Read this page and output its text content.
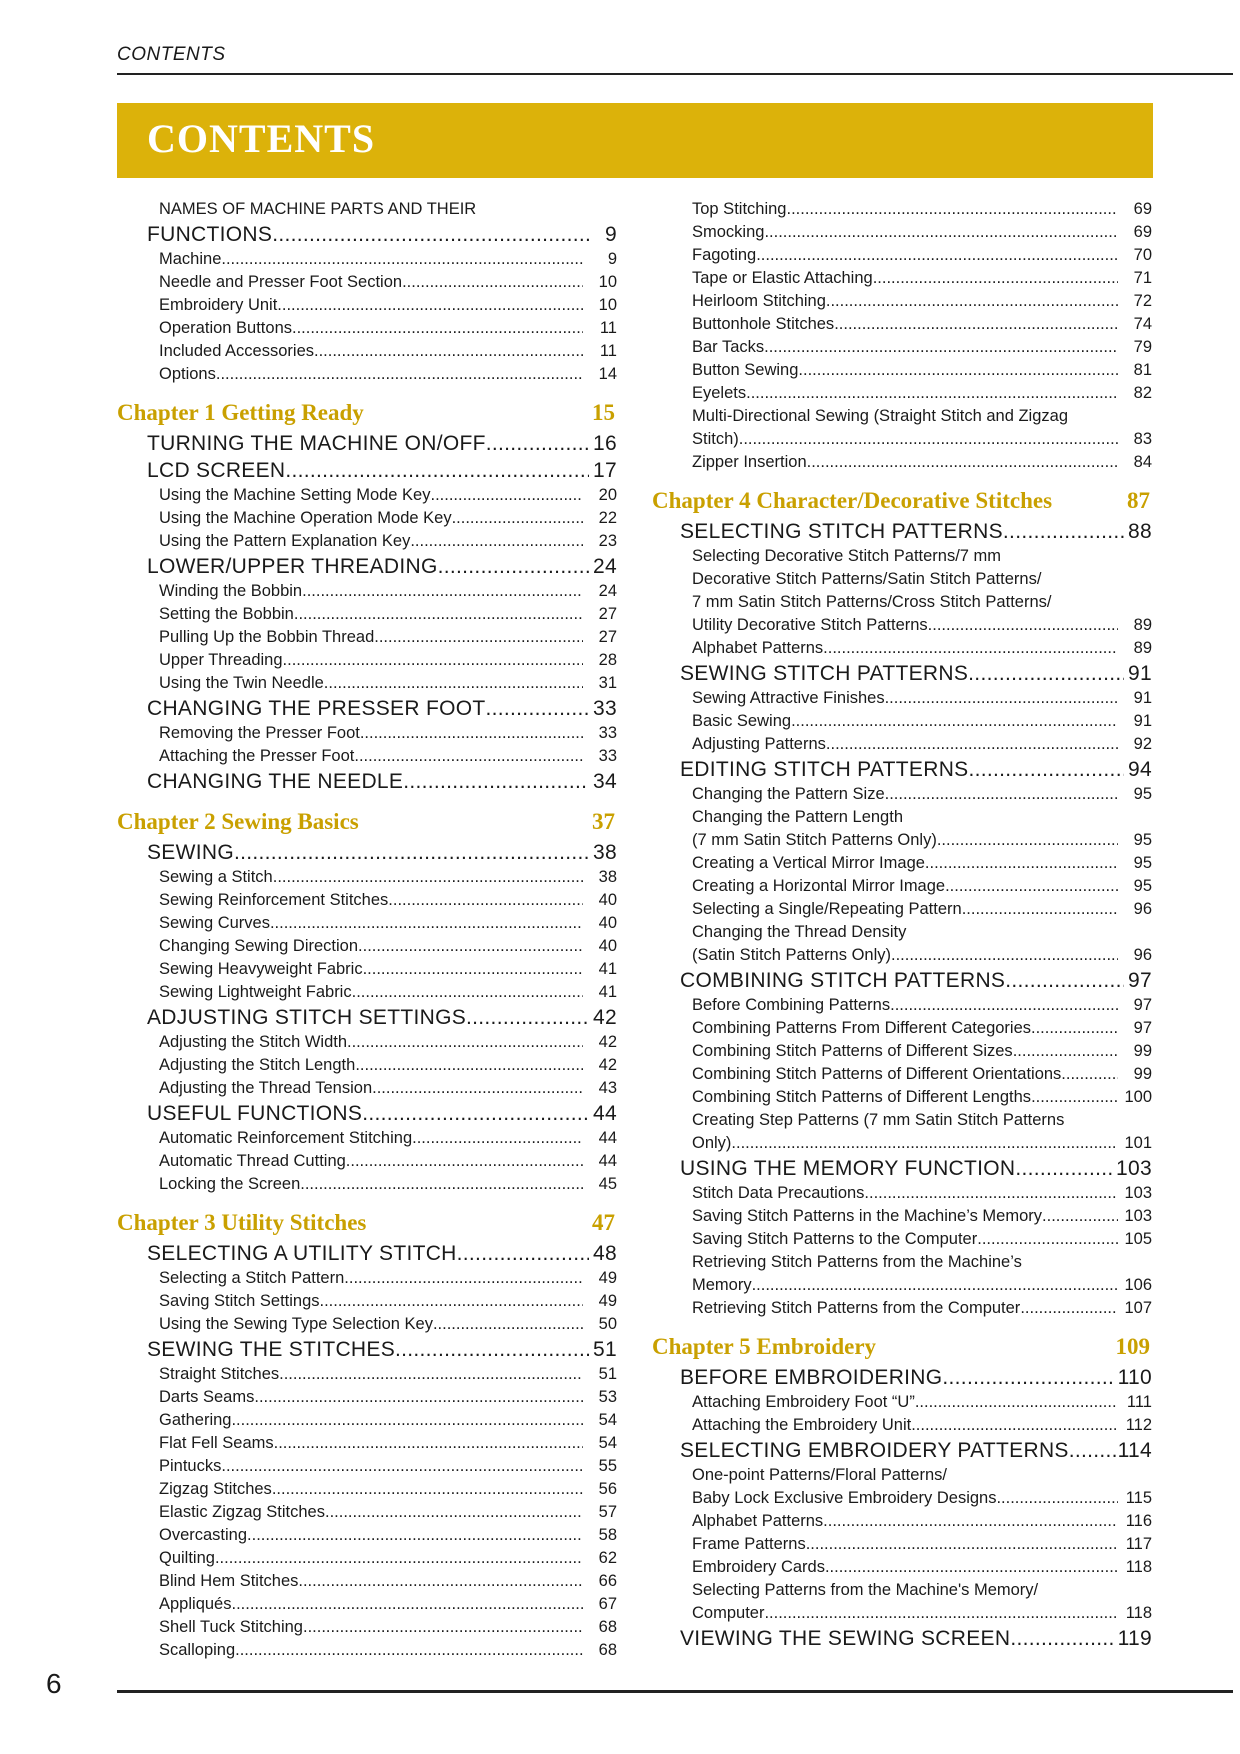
CONTENTS
CONTENTS
NAMES OF MACHINE PARTS AND THEIR
FUNCTIONS .....	9
Machine .....	9
Needle and Presser Foot Section .....	10
Embroidery Unit .....	10
Operation Buttons .....	11
Included Accessories .....	11
Options .....	14
Chapter 1 Getting Ready	15
TURNING THE MACHINE ON/OFF .....	16
LCD SCREEN .....	17
Using the Machine Setting Mode Key .....	20
Using the Machine Operation Mode Key .....	22
Using the Pattern Explanation Key .....	23
LOWER/UPPER THREADING .....	24
Winding the Bobbin .....	24
Setting the Bobbin .....	27
Pulling Up the Bobbin Thread .....	27
Upper Threading .....	28
Using the Twin Needle .....	31
CHANGING THE PRESSER FOOT .....	33
Removing the Presser Foot .....	33
Attaching the Presser Foot .....	33
CHANGING THE NEEDLE .....	34
Chapter 2 Sewing Basics	37
SEWING .....	38
Sewing a Stitch .....	38
Sewing Reinforcement Stitches .....	40
Sewing Curves .....	40
Changing Sewing Direction .....	40
Sewing Heavyweight Fabric .....	41
Sewing Lightweight Fabric .....	41
ADJUSTING STITCH SETTINGS .....	42
Adjusting the Stitch Width .....	42
Adjusting the Stitch Length .....	42
Adjusting the Thread Tension .....	43
USEFUL FUNCTIONS .....	44
Automatic Reinforcement Stitching .....	44
Automatic Thread Cutting .....	44
Locking the Screen .....	45
Chapter 3 Utility Stitches	47
SELECTING A UTILITY STITCH .....	48
Selecting a Stitch Pattern .....	49
Saving Stitch Settings .....	49
Using the Sewing Type Selection Key .....	50
SEWING THE STITCHES .....	51
Straight Stitches .....	51
Darts Seams .....	53
Gathering .....	54
Flat Fell Seams .....	54
Pintucks .....	55
Zigzag Stitches .....	56
Elastic Zigzag Stitches .....	57
Overcasting .....	58
Quilting .....	62
Blind Hem Stitches .....	66
Appliqués .....	67
Shell Tuck Stitching .....	68
Scalloping .....	68
Top Stitching .....	69
Smocking .....	69
Fagoting .....	70
Tape or Elastic Attaching .....	71
Heirloom Stitching .....	72
Buttonhole Stitches .....	74
Bar Tacks .....	79
Button Sewing .....	81
Eyelets .....	82
Multi-Directional Sewing (Straight Stitch and Zigzag
Stitch) .....	83
Zipper Insertion .....	84
Chapter 4 Character/Decorative Stitches	87
SELECTING STITCH PATTERNS .....	88
Selecting Decorative Stitch Patterns/7 mm
Decorative Stitch Patterns/Satin Stitch Patterns/
7 mm Satin Stitch Patterns/Cross Stitch Patterns/
Utility Decorative Stitch Patterns .....	89
Alphabet Patterns .....	89
SEWING STITCH PATTERNS .....	91
Sewing Attractive Finishes .....	91
Basic Sewing .....	91
Adjusting Patterns .....	92
EDITING STITCH PATTERNS .....	94
Changing the Pattern Size .....	95
Changing the Pattern Length
(7 mm Satin Stitch Patterns Only) .....	95
Creating a Vertical Mirror Image .....	95
Creating a Horizontal Mirror Image .....	95
Selecting a Single/Repeating Pattern .....	96
Changing the Thread Density
(Satin Stitch Patterns Only) .....	96
COMBINING STITCH PATTERNS .....	97
Before Combining Patterns .....	97
Combining Patterns From Different Categories .....	97
Combining Stitch Patterns of Different Sizes .....	99
Combining Stitch Patterns of Different Orientations .....	99
Combining Stitch Patterns of Different Lengths .....	100
Creating Step Patterns (7 mm Satin Stitch Patterns
Only) .....	101
USING THE MEMORY FUNCTION .....	103
Stitch Data Precautions .....	103
Saving Stitch Patterns in the Machine’s Memory .....	103
Saving Stitch Patterns to the Computer .....	105
Retrieving Stitch Patterns from the Machine’s
Memory .....	106
Retrieving Stitch Patterns from the Computer .....	107
Chapter 5 Embroidery	109
BEFORE EMBROIDERING .....	110
Attaching Embroidery Foot “U” .....	111
Attaching the Embroidery Unit .....	112
SELECTING EMBROIDERY PATTERNS ..... 114
One-point Patterns/Floral Patterns/
Baby Lock Exclusive Embroidery Designs .....	115
Alphabet Patterns .....	116
Frame Patterns .....	117
Embroidery Cards .....	118
Selecting Patterns from the Machine's Memory/
Computer .....	118
VIEWING THE SEWING SCREEN .....	119
6
